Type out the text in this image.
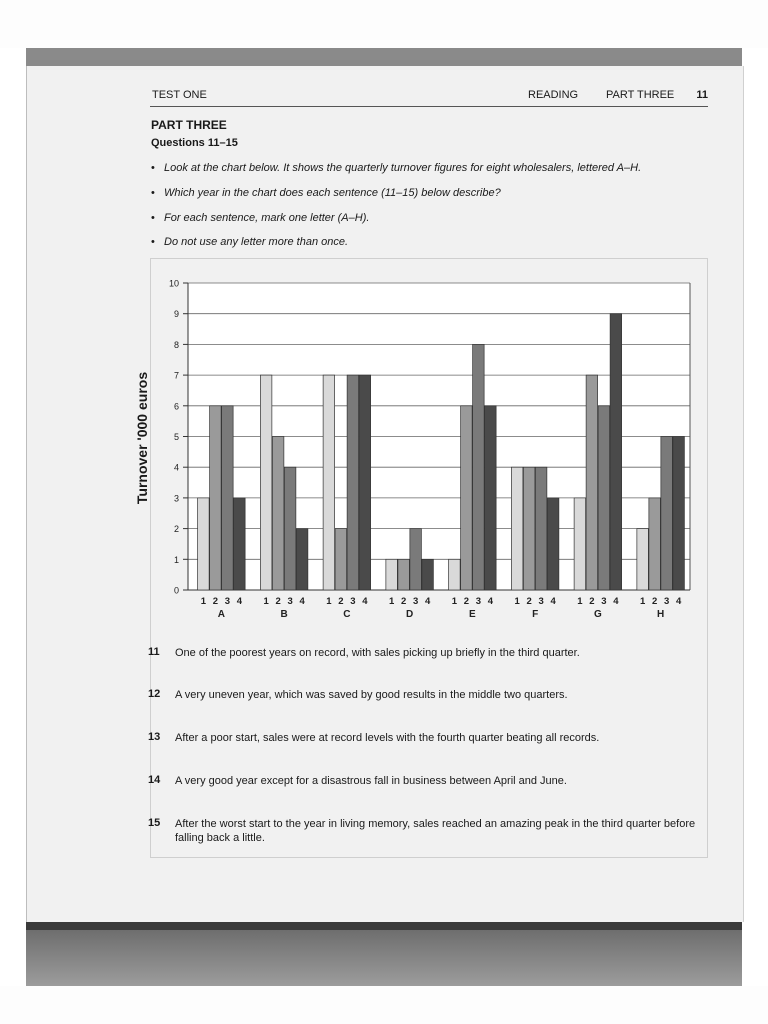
TEST ONE	READING	PART THREE 11
PART THREE
Questions 11–15
• Look at the chart below. It shows the quarterly turnover figures for eight wholesalers, lettered A–H.
• Which year in the chart does each sentence (11–15) below describe?
• For each sentence, mark one letter (A–H).
• Do not use any letter more than once.
Turnover '000 euros
0
1
2
3
4
5
6
7
8
9
10
1 2 3 4
A
1 2 3 4
B
1 2 3 4
C
1 2 3 4
D
1 2 3 4
E
1 2 3 4
F
1 2 3 4
G
1 2 3 4
H
11 One of the poorest years on record, with sales picking up briefly in the third quarter.
12 A very uneven year, which was saved by good results in the middle two quarters.
13 After a poor start, sales were at record levels with the fourth quarter beating all records.
14 A very good year except for a disastrous fall in business between April and June.
15 After the worst start to the year in living memory, sales reached an amazing peak in the third quarter before falling back a little.
